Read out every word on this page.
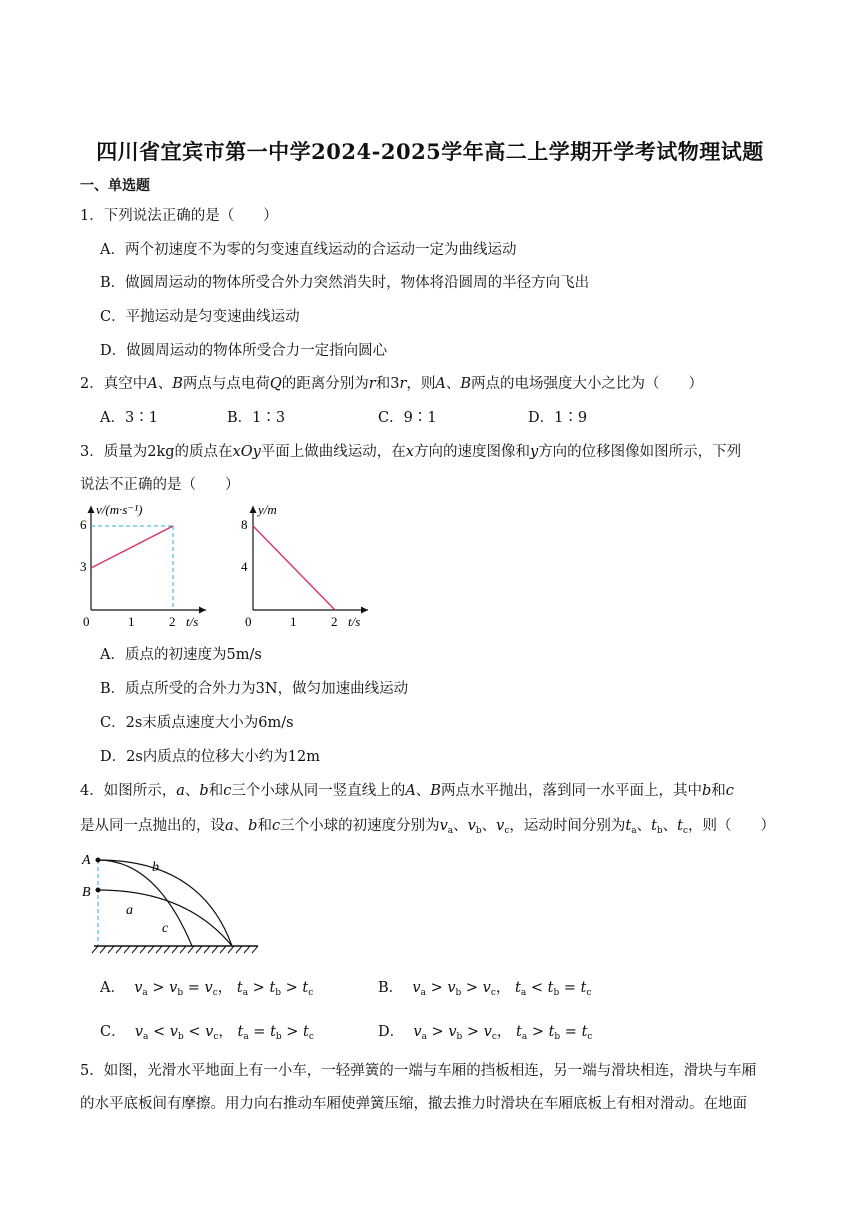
四川省宜宾市第一中学2024-2025学年高二上学期开学考试物理试题
一、单选题
1．下列说法正确的是（　　）
A．两个初速度不为零的匀变速直线运动的合运动一定为曲线运动
B．做圆周运动的物体所受合外力突然消失时，物体将沿圆周的半径方向飞出
C．平抛运动是匀变速曲线运动
D．做圆周运动的物体所受合力一定指向圆心
2．真空中A、B两点与点电荷Q的距离分别为r和3r，则A、B两点的电场强度大小之比为（　　）
A．3∶1	B．1∶3	C．9∶1	D．1∶9
3．质量为2kg的质点在xOy平面上做曲线运动，在x方向的速度图像和y方向的位移图像如图所示，下列
说法不正确的是（　　）
6
3
0	1	2 t/s
v/(m·s⁻¹)
8
4
0	1	2 t/s
y/m
A．质点的初速度为5m/s
B．质点所受的合外力为3N，做匀加速曲线运动
C．2s末质点速度大小为6m/s
D．2s内质点的位移大小约为12m
4．如图所示，a、b和c三个小球从同一竖直线上的A、B两点水平抛出，落到同一水平面上，其中b和c
是从同一点抛出的，设a、b和c三个小球的初速度分别为$v_a$、$v_b$、$v_c$，运动时间分别为$t_a$、$t_b$、$t_c$，则（　　）
A
B
b
a
c
A． $v_a > v_b = v_c$， $t_a > t_b > t_c$	B． $v_a > v_b > v_c$， $t_a < t_b = t_c$
C． $v_a < v_b < v_c$， $t_a = t_b > t_c$	D． $v_a > v_b > v_c$， $t_a > t_b = t_c$
5．如图，光滑水平地面上有一小车，一轻弹簧的一端与车厢的挡板相连，另一端与滑块相连，滑块与车厢
的水平底板间有摩擦。用力向右推动车厢使弹簧压缩，撤去推力时滑块在车厢底板上有相对滑动。在地面
